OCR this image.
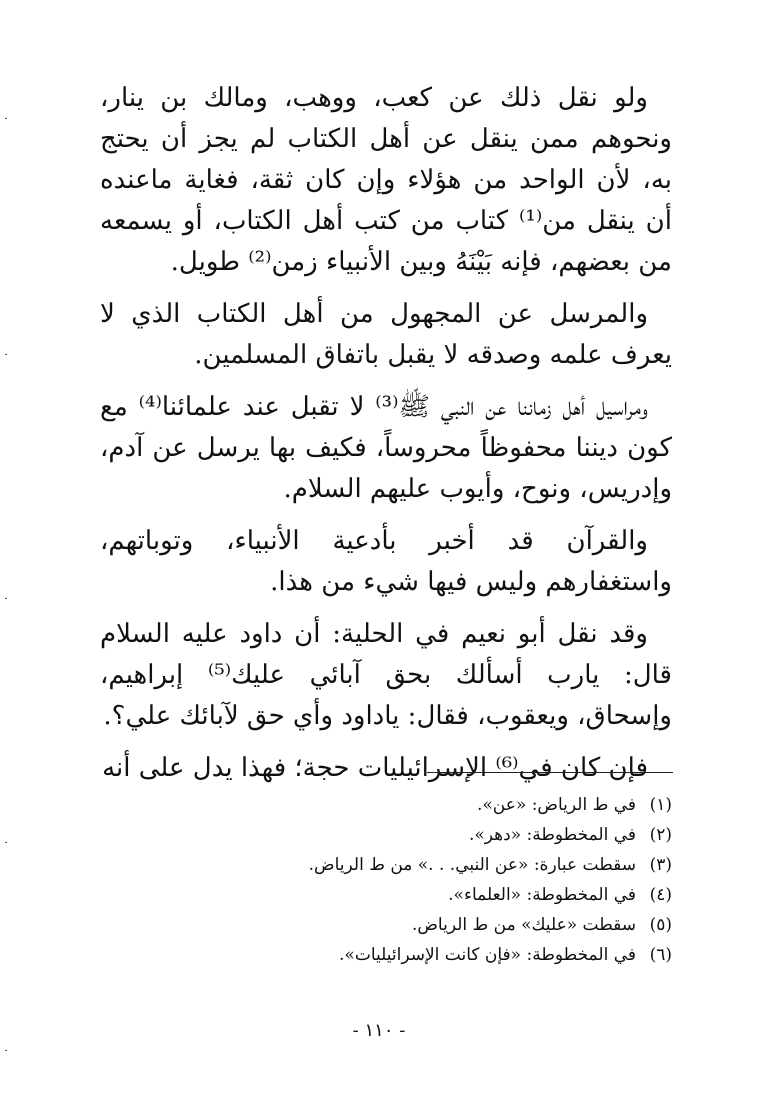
ولو نقل ذلك عن كعب، ووهب، ومالك بن ينار، ونحوهم ممن ينقل عن أهل الكتاب لم يجز أن يحتج به، لأن الواحد من هؤلاء وإن كان ثقة، فغاية ماعنده أن ينقل من⁽¹⁾ كتاب من كتب أهل الكتاب، أو يسمعه من بعضهم، فإنه بَيْنَهُ وبين الأنبياء زمن⁽²⁾ طويل.

والمرسل عن المجهول من أهل الكتاب الذي لا يعرف علمه وصدقه لا يقبل باتفاق المسلمين.

ومراسيل أهل زماننا عن النبي ﷺ⁽³⁾ لا تقبل عند علمائنا⁽⁴⁾ مع كون ديننا محفوظاً محروساً، فكيف بها يرسل عن آدم، وإدريس، ونوح، وأيوب عليهم السلام.

والقرآن قد أخبر بأدعية الأنبياء، وتوباتهم، واستغفارهم وليس فيها شيء من هذا.

وقد نقل أبو نعيم في الحلية: أن داود عليه السلام قال: يارب أسألك بحق آبائي عليك⁽⁵⁾ إبراهيم، وإسحاق، ويعقوب، فقال: ياداود وأي حق لآبائك علي؟.

فإن كان في⁽⁶⁾ الإسرائيليات حجة؛ فهذا يدل على أنه

(١)في ط الرياض: «عن».
(٢)في المخطوطة: «دهر».
(٣)سقطت عبارة: «عن النبي. . .» من ط الرياض.
(٤)في المخطوطة: «العلماء».
(٥)سقطت «عليك» من ط الرياض.
(٦)في المخطوطة: «فإن كانت الإسرائيليات».
- ١١٠ -
